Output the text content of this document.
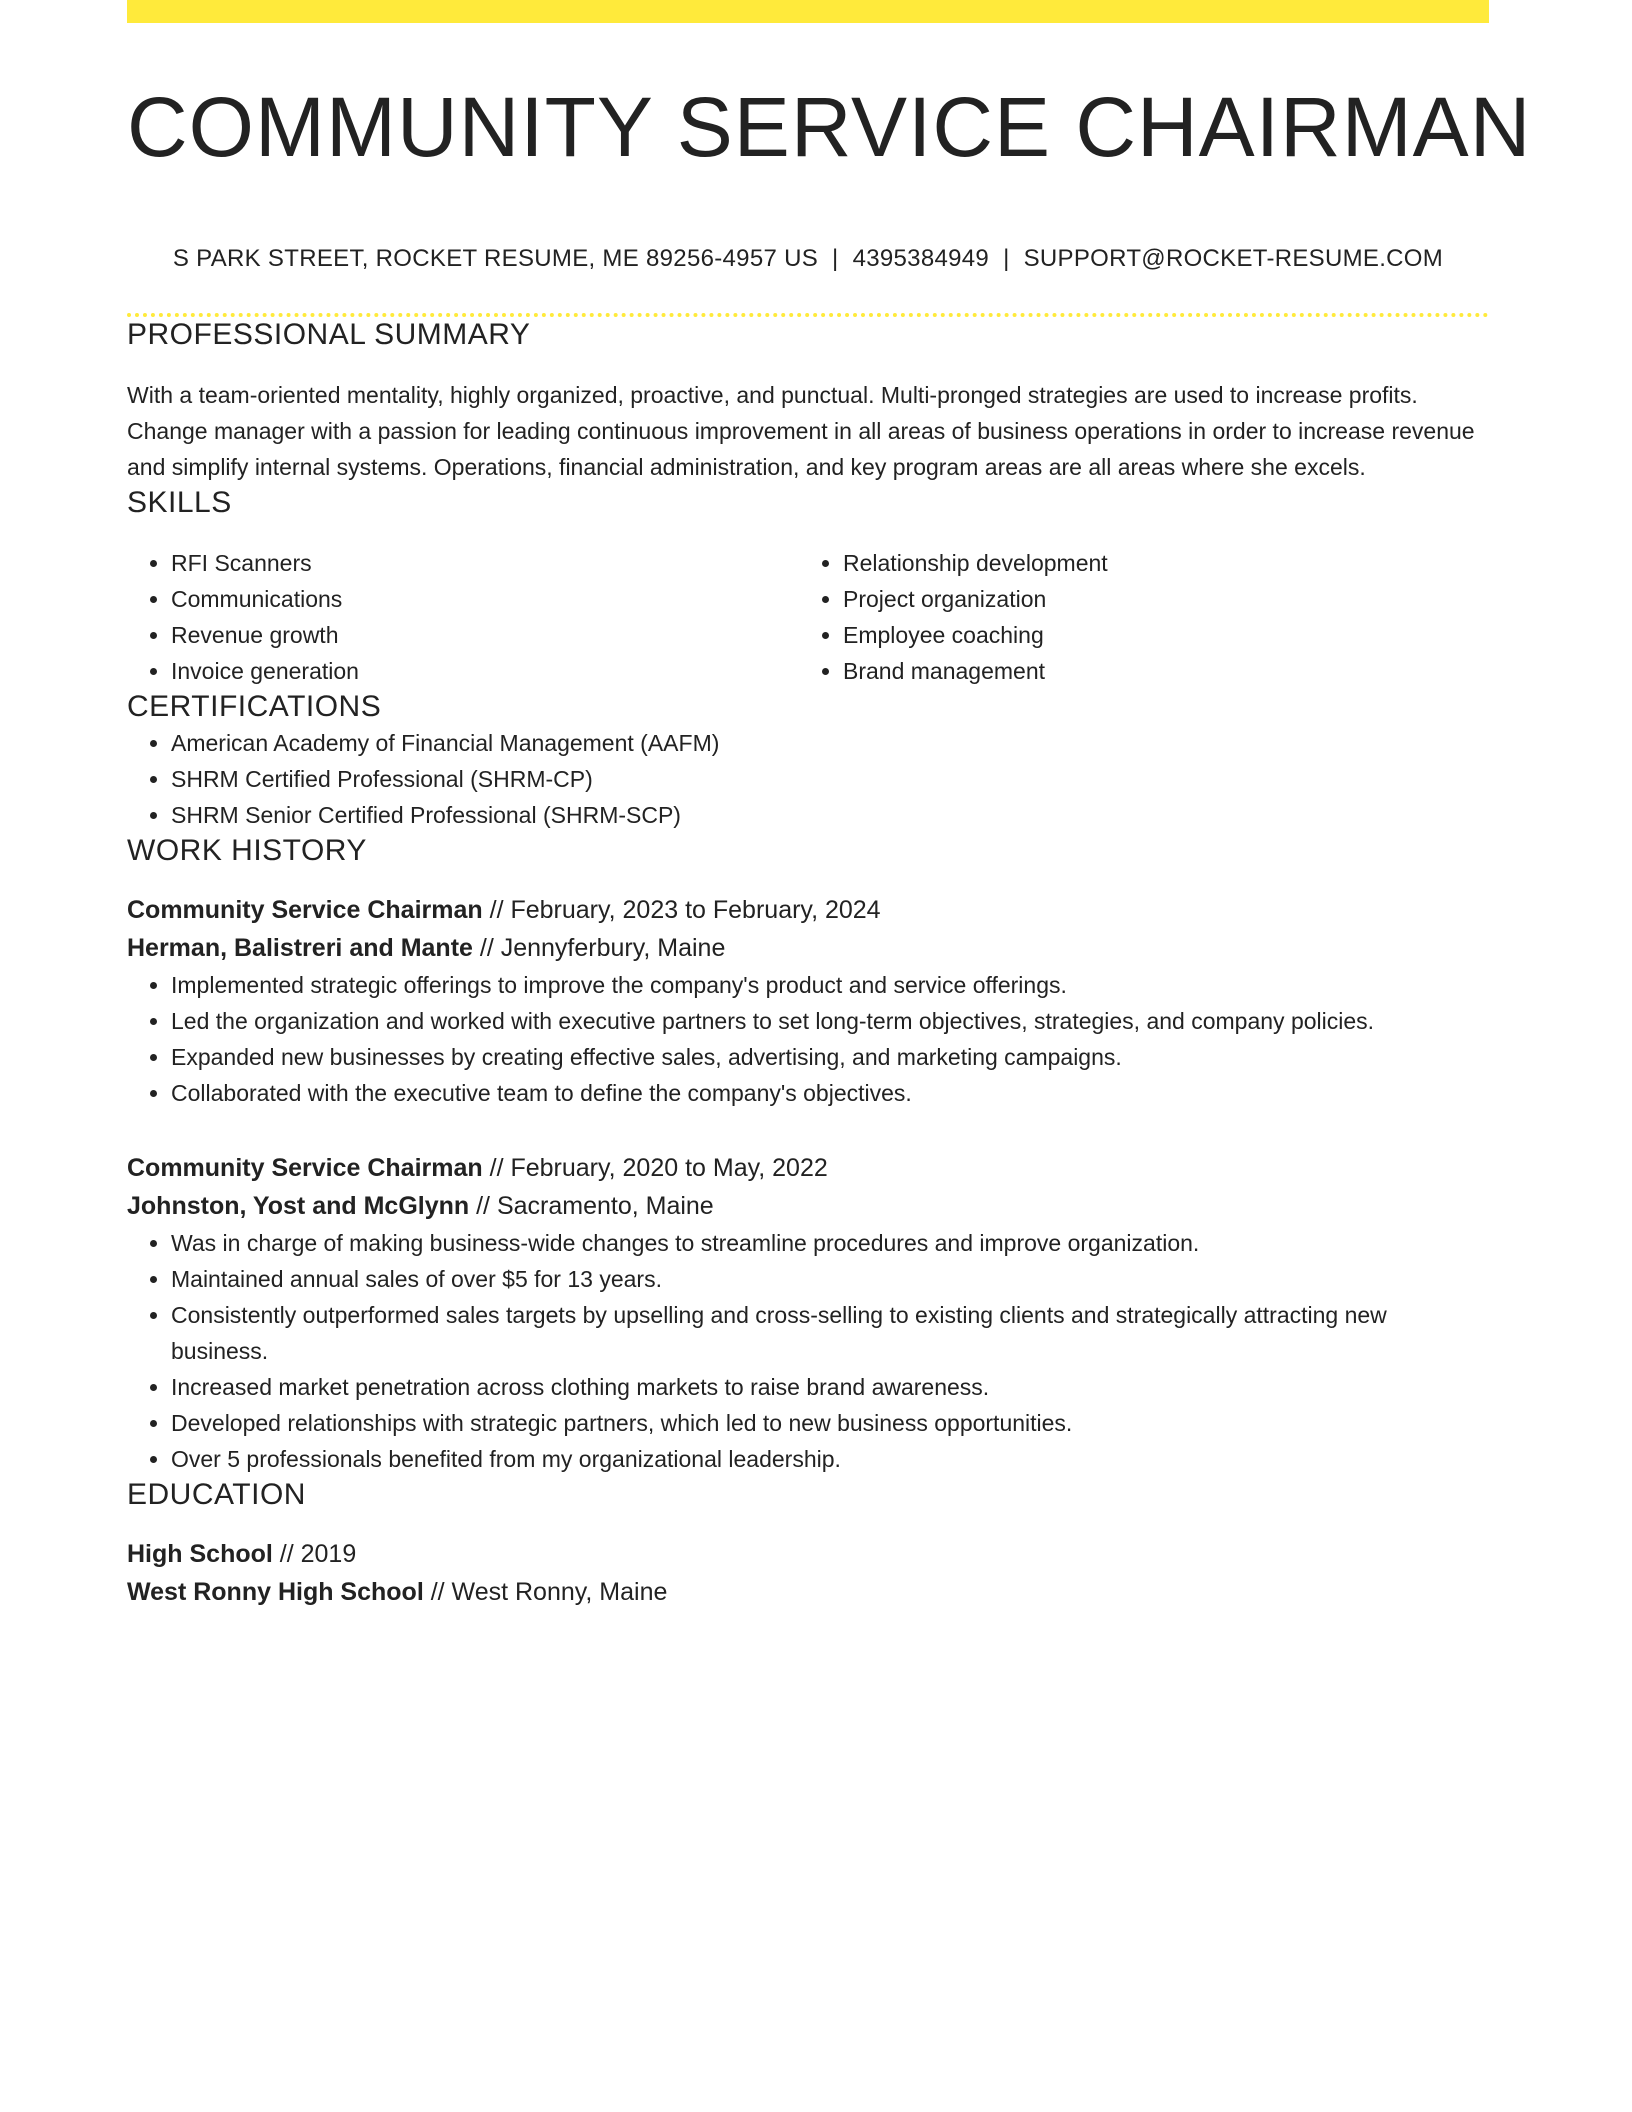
COMMUNITY SERVICE CHAIRMAN
S PARK STREET, ROCKET RESUME, ME 89256-4957 US | 4395384949 | SUPPORT@ROCKET-RESUME.COM
PROFESSIONAL SUMMARY
With a team-oriented mentality, highly organized, proactive, and punctual. Multi-pronged strategies are used to increase profits. Change manager with a passion for leading continuous improvement in all areas of business operations in order to increase revenue and simplify internal systems. Operations, financial administration, and key program areas are all areas where she excels.
SKILLS
• RFI Scanners
• Communications
• Revenue growth
• Invoice generation
• Relationship development
• Project organization
• Employee coaching
• Brand management
CERTIFICATIONS
• American Academy of Financial Management (AAFM)
• SHRM Certified Professional (SHRM-CP)
• SHRM Senior Certified Professional (SHRM-SCP)
WORK HISTORY
Community Service Chairman // February, 2023 to February, 2024
Herman, Balistreri and Mante // Jennyferbury, Maine
• Implemented strategic offerings to improve the company's product and service offerings.
• Led the organization and worked with executive partners to set long-term objectives, strategies, and company policies.
• Expanded new businesses by creating effective sales, advertising, and marketing campaigns.
• Collaborated with the executive team to define the company's objectives.
Community Service Chairman // February, 2020 to May, 2022
Johnston, Yost and McGlynn // Sacramento, Maine
• Was in charge of making business-wide changes to streamline procedures and improve organization.
• Maintained annual sales of over $5 for 13 years.
• Consistently outperformed sales targets by upselling and cross-selling to existing clients and strategically attracting new business.
• Increased market penetration across clothing markets to raise brand awareness.
• Developed relationships with strategic partners, which led to new business opportunities.
• Over 5 professionals benefited from my organizational leadership.
EDUCATION
High School // 2019
West Ronny High School // West Ronny, Maine
